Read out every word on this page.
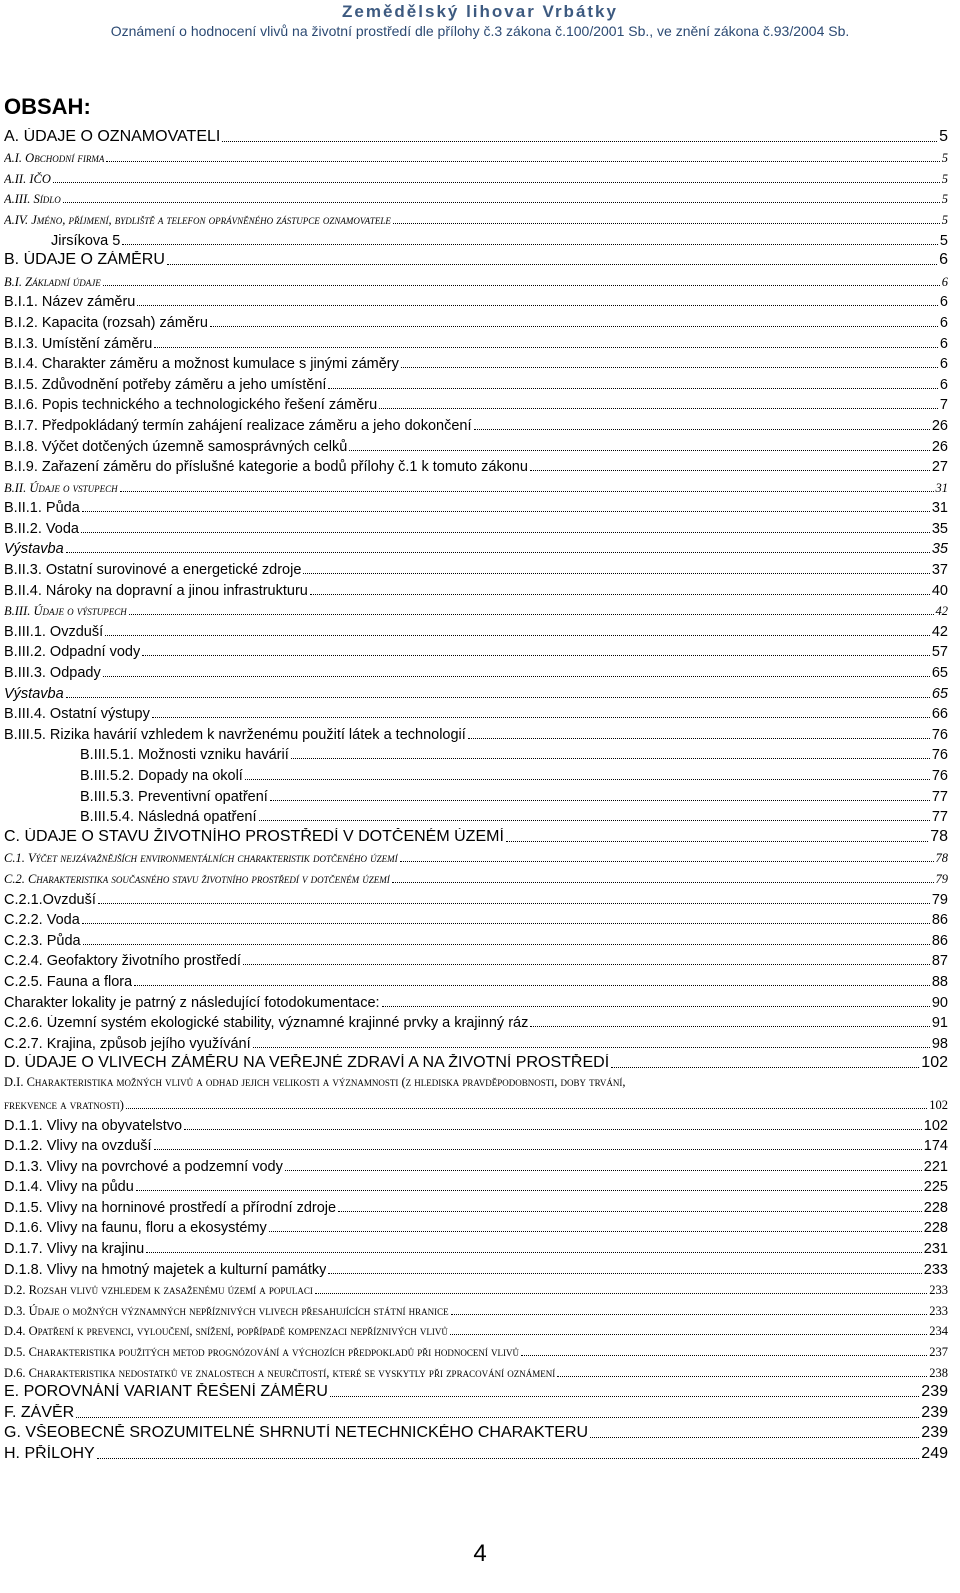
Zemědělský lihovar Vrbátky
Oznámení o hodnocení vlivů na životní prostředí dle přílohy č.3 zákona č.100/2001 Sb., ve znění zákona č.93/2004 Sb.
OBSAH:
A. ÚDAJE O OZNAMOVATELI	5
A.I. Obchodní firma	5
A.II. IČO	5
A.III. Sídlo	5
A.IV. Jméno, příjmení, bydliště a telefon oprávněného zástupce oznamovatele	5
Jirsíkova 5	5
B. ÚDAJE O ZÁMĚRU	6
B.I. Základní údaje	6
B.I.1. Název záměru	6
B.I.2. Kapacita (rozsah) záměru	6
B.I.3. Umístění záměru	6
B.I.4. Charakter záměru a možnost kumulace s jinými záměry	6
B.I.5. Zdůvodnění potřeby záměru a jeho umístění	6
B.I.6. Popis technického a technologického řešení záměru	7
B.I.7. Předpokládaný termín zahájení realizace záměru a jeho dokončení	26
B.I.8. Výčet dotčených územně samosprávných celků	26
B.I.9. Zařazení záměru do příslušné kategorie a bodů přílohy č.1 k tomuto zákonu	27
B.II. Údaje o vstupech	31
B.II.1. Půda	31
B.II.2. Voda	35
Výstavba	35
B.II.3. Ostatní surovinové a energetické zdroje	37
B.II.4. Nároky na dopravní a jinou infrastrukturu	40
B.III. Údaje o výstupech	42
B.III.1. Ovzduší	42
B.III.2. Odpadní vody	57
B.III.3. Odpady	65
Výstavba	65
B.III.4. Ostatní výstupy	66
B.III.5. Rizika havárií vzhledem k navrženému použití látek a technologií	76
B.III.5.1. Možnosti vzniku havárií	76
B.III.5.2. Dopady na okolí	76
B.III.5.3. Preventivní opatření	77
B.III.5.4. Následná opatření	77
C. ÚDAJE O STAVU ŽIVOTNÍHO PROSTŘEDÍ V DOTČENÉM ÚZEMÍ	78
C.1. Výčet nejzávažnějších environmentálních charakteristik dotčeného území	78
C.2. Charakteristika současného stavu životního prostředí v dotčeném území	79
C.2.1.Ovzduší	79
C.2.2. Voda	86
C.2.3. Půda	86
C.2.4. Geofaktory životního prostředí	87
C.2.5. Fauna a flora	88
Charakter lokality je patrný z následující fotodokumentace:	90
C.2.6. Územní systém ekologické stability, významné krajinné prvky a krajinný ráz	91
C.2.7. Krajina, způsob jejího využívání	98
D. ÚDAJE O VLIVECH ZÁMĚRU NA VEŘEJNÉ ZDRAVÍ A NA ŽIVOTNÍ PROSTŘEDÍ	102
D.I. Charakteristika možných vlivů a odhad jejich velikosti a významnosti (z hlediska pravděpodobnosti, doby trvání,
frekvence a vratnosti)	102
D.1.1. Vlivy na obyvatelstvo	102
D.1.2. Vlivy na ovzduší	174
D.1.3. Vlivy na povrchové a podzemní vody	221
D.1.4. Vlivy na půdu	225
D.1.5. Vlivy na horninové prostředí a přírodní zdroje	228
D.1.6. Vlivy na faunu, floru a ekosystémy	228
D.1.7. Vlivy na krajinu	231
D.1.8. Vlivy na hmotný majetek a kulturní památky	233
D.2. Rozsah vlivů vzhledem k zasaženému území a populaci	233
D.3. Údaje o možných významných nepříznivých vlivech přesahujících státní hranice	233
D.4. Opatření k prevenci, vyloučení, snížení, popřípadě kompenzaci nepříznivých vlivů	234
D.5. Charakteristika použitých metod prognózování a výchozích předpokladů při hodnocení vlivů	237
D.6. Charakteristika nedostatků ve znalostech a neurčitostí, které se vyskytly při zpracování oznámení	238
E. POROVNÁNÍ VARIANT ŘEŠENÍ ZÁMĚRU	239
F. ZÁVĚR	239
G. VŠEOBECNĚ SROZUMITELNÉ SHRNUTÍ NETECHNICKÉHO CHARAKTERU	239
H. PŘÍLOHY	249
4
